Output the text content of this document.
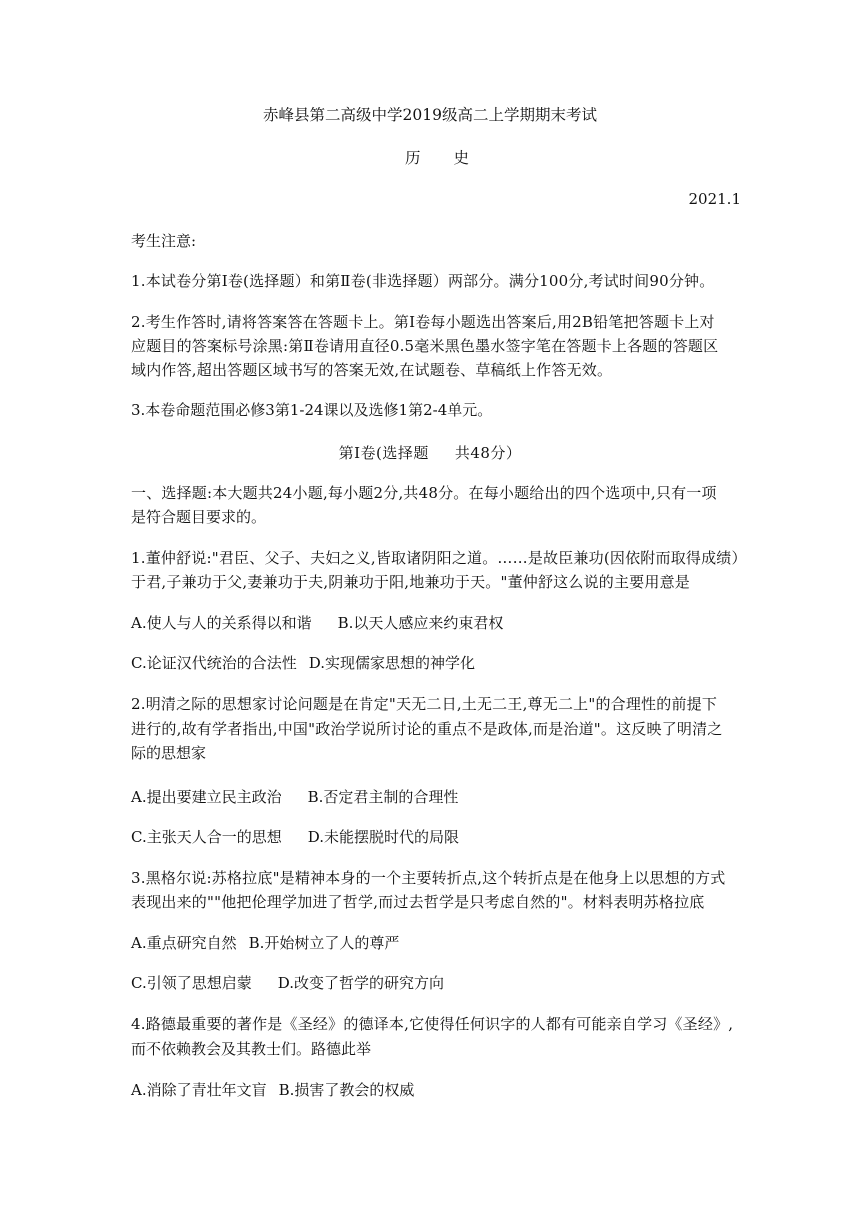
赤峰县第二高级中学2019级高二上学期期末考试
历 史
2021.1
考生注意:
1.本试卷分第Ⅰ卷(选择题）和第Ⅱ卷(非选择题）两部分。满分100分,考试时间90分钟。
2.考生作答时,请将答案答在答题卡上。第Ⅰ卷每小题选出答案后,用2B铅笔把答题卡上对
应题目的答案标号涂黑:第Ⅱ卷请用直径0.5毫米黑色墨水签字笔在答题卡上各题的答题区
域内作答,超出答题区域书写的答案无效,在试题卷、草稿纸上作答无效。
3.本卷命题范围必修3第1-24课以及选修1第2-4单元。
第Ⅰ卷(选择题 共48分）
一、选择题:本大题共24小题,每小题2分,共48分。在每小题给出的四个选项中,只有一项
是符合题目要求的。
1.董仲舒说:"君臣、父子、夫妇之义,皆取诸阴阳之道。……是故臣兼功(因依附而取得成绩）
于君,子兼功于父,妻兼功于夫,阴兼功于阳,地兼功于天。"董仲舒这么说的主要用意是
A.使人与人的关系得以和谐 B.以天人感应来约束君权
C.论证汉代统治的合法性 D.实现儒家思想的神学化
2.明清之际的思想家讨论问题是在肯定"天无二日,土无二王,尊无二上"的合理性的前提下
进行的,故有学者指出,中国"政治学说所讨论的重点不是政体,而是治道"。这反映了明清之
际的思想家
A.提出要建立民主政治 B.否定君主制的合理性
C.主张天人合一的思想 D.未能摆脱时代的局限
3.黑格尔说:苏格拉底"是精神本身的一个主要转折点,这个转折点是在他身上以思想的方式
表现出来的""他把伦理学加进了哲学,而过去哲学是只考虑自然的"。材料表明苏格拉底
A.重点研究自然 B.开始树立了人的尊严
C.引领了思想启蒙 D.改变了哲学的研究方向
4.路德最重要的著作是《圣经》的德译本,它使得任何识字的人都有可能亲自学习《圣经》,
而不依赖教会及其教士们。路德此举
A.消除了青壮年文盲 B.损害了教会的权威
